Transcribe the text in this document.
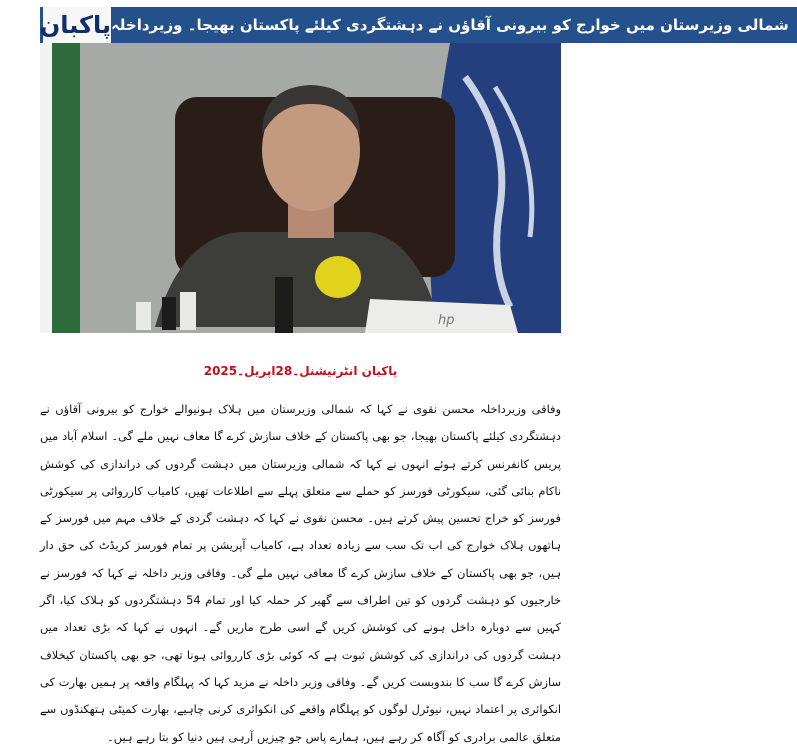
hp
پاکبان شمالی وزیرستان میں خوارج کو بیرونی آقاؤں نے دہشتگردی کیلئے پاکستان بھیجا۔ وزیرداخلہ
پاکبان انٹرنیشنل۔28اپریل۔2025

وفاقی وزیرداخلہ محسن نقوی نے کہا کہ شمالی وزیرستان میں ہلاک ہونیوالے خوارج کو بیرونی آقاؤں نے دہشتگردی کیلئے پاکستان بھیجا، جو بھی پاکستان کے خلاف سازش کرے گا معاف نہیں ملے گی۔ اسلام آباد میں پریس کانفرنس کرتے ہوئے انہوں نے کہا کہ شمالی وزیرستان میں دہشت گردوں کی دراندازی کی کوشش ناکام بنائی گئی، سیکورٹی فورسز کو حملے سے متعلق پہلے سے اطلاعات تھیں، کامیاب کارروائی پر سیکورٹی فورسز کو خراج تحسین پیش کرتے ہیں۔ محسن نقوی نے کہا کہ دہشت گردی کے خلاف مہم میں فورسز کے ہاتھوں ہلاک خوارج کی اب تک سب سے زیادہ تعداد ہے، کامیاب آپریشن پر تمام فورسز کریڈٹ کی حق دار ہیں، جو بھی پاکستان کے خلاف سازش کرے گا معافی نہیں ملے گی۔ وفاقی وزیر داخلہ نے کہا کہ فورسز نے خارجیوں کو دہشت گردوں کو تین اطراف سے گھیر کر حملہ کیا اور تمام 54 دہشتگردوں کو ہلاک کیا، اگر کہیں سے دوبارہ داخل ہونے کی کوشش کریں گے اسی طرح ماریں گے۔ انہوں نے کہا کہ بڑی تعداد میں دہشت گردوں کی دراندازی کی کوشش ثبوت ہے کہ کوئی بڑی کارروائی ہونا تھی، جو بھی پاکستان کیخلاف سازش کرے گا سب کا بندوبست کریں گے۔ وفاقی وزیر داخلہ نے مزید کہا کہ پہلگام واقعہ پر ہمیں بھارت کی انکوائری پر اعتماد نہیں، نیوٹرل لوگوں کو پہلگام واقعے کی انکوائری کرنی چاہیے، بھارت کمیٹی ہتھکنڈوں سے متعلق عالمی برادری کو آگاہ کر رہے ہیں، ہمارے پاس جو چیزیں آرہی ہیں دنیا کو بتا رہے ہیں۔
